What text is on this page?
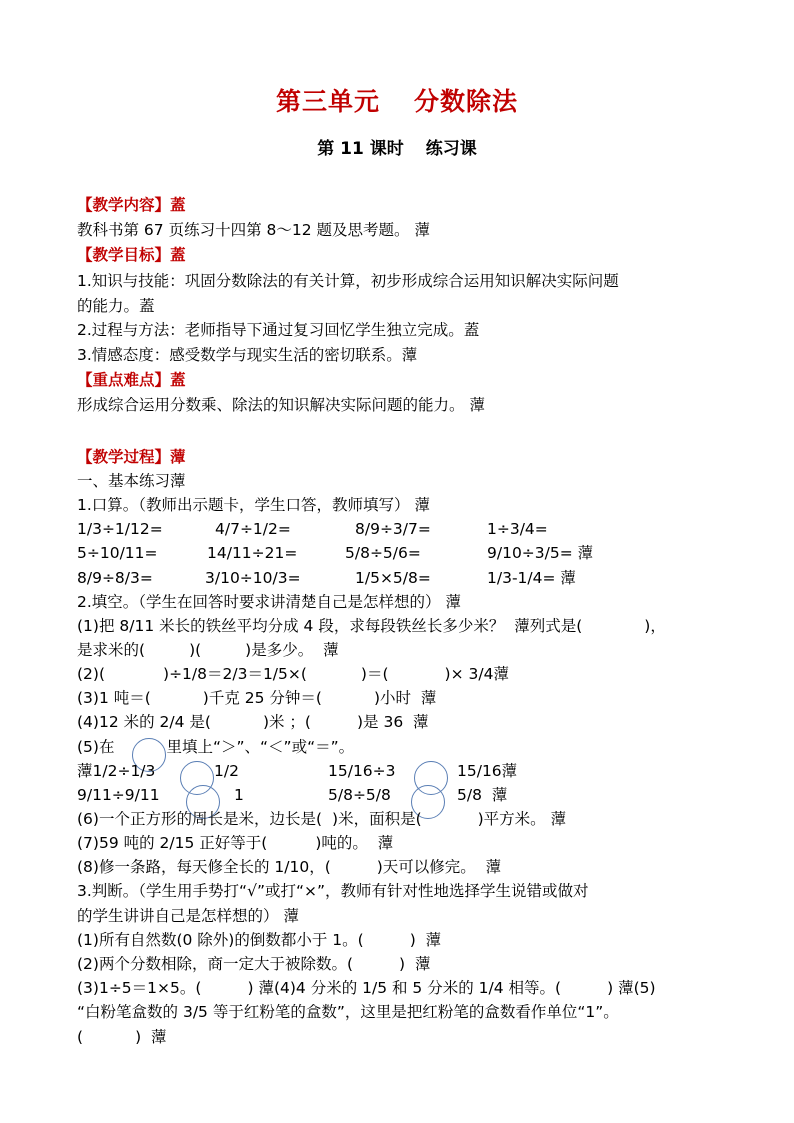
第三单元 分数除法
第 11 课时 练习课
【教学内容】蓋
教科书第 67 页练习十四第 8～12 题及思考题。 藫
【教学目标】蓋
1.知识与技能：巩固分数除法的有关计算，初步形成综合运用知识解决实际问题
的能力。蓋
2.过程与方法：老师指导下通过复习回忆学生独立完成。蓋
3.情感态度：感受数学与现实生活的密切联系。藫
【重点难点】蓋
形成综合运用分数乘、除法的知识解决实际问题的能力。 藫
【教学过程】藫
一、基本练习藫
1.口算。（教师出示题卡，学生口答，教师填写） 藫
1/3÷1/12=	4/7÷1/2=	8/9÷3/7=	1÷3/4=
5÷10/11=	14/11÷21=	5/8÷5/6=	9/10÷3/5= 藫
8/9÷8/3=	3/10÷10/3=	1/5×5/8=	1/3-1/4= 藫
2.填空。（学生在回答时要求讲清楚自己是怎样想的） 藫
(1)把 8/11 米长的铁丝平均分成 4 段，求每段铁丝长多少米？ 藫列式是(	)，
是求米的(	)(	)是多少。 藫
(2)(	)÷1/8＝2/3＝1/5×(	)＝(	)× 3/4藫
(3)1 吨＝(	)千克 25 分钟＝(	)小时 藫
(4)12 米的 2/4 是(	)米 ；(	)是 36 藫
(5)在	里填上“＞”、“＜”或“＝”。
藫1/2÷1/3	1/2	15/16÷3	15/16藫
9/11÷9/11	1	5/8÷5/8	5/8 藫
(6)一个正方形的周长是米，边长是( )米，面积是(	)平方米。 藫
(7)59 吨的 2/15 正好等于(	)吨的。 藫
(8)修一条路，每天修全长的 1/10，(	)天可以修完。 藫
3.判断。（学生用手势打“√”或打“×”，教师有针对性地选择学生说错或做对
的学生讲讲自己是怎样想的） 藫
(1)所有自然数(0 除外)的倒数都小于 1。(	) 藫
(2)两个分数相除，商一定大于被除数。(	) 藫
(3)1÷5＝1×5。(	) 藫(4)4 分米的 1/5 和 5 分米的 1/4 相等。(	) 藫(5)
“白粉笔盒数的 3/5 等于红粉笔的盒数”，这里是把红粉笔的盒数看作单位“1”。
(	) 藫
